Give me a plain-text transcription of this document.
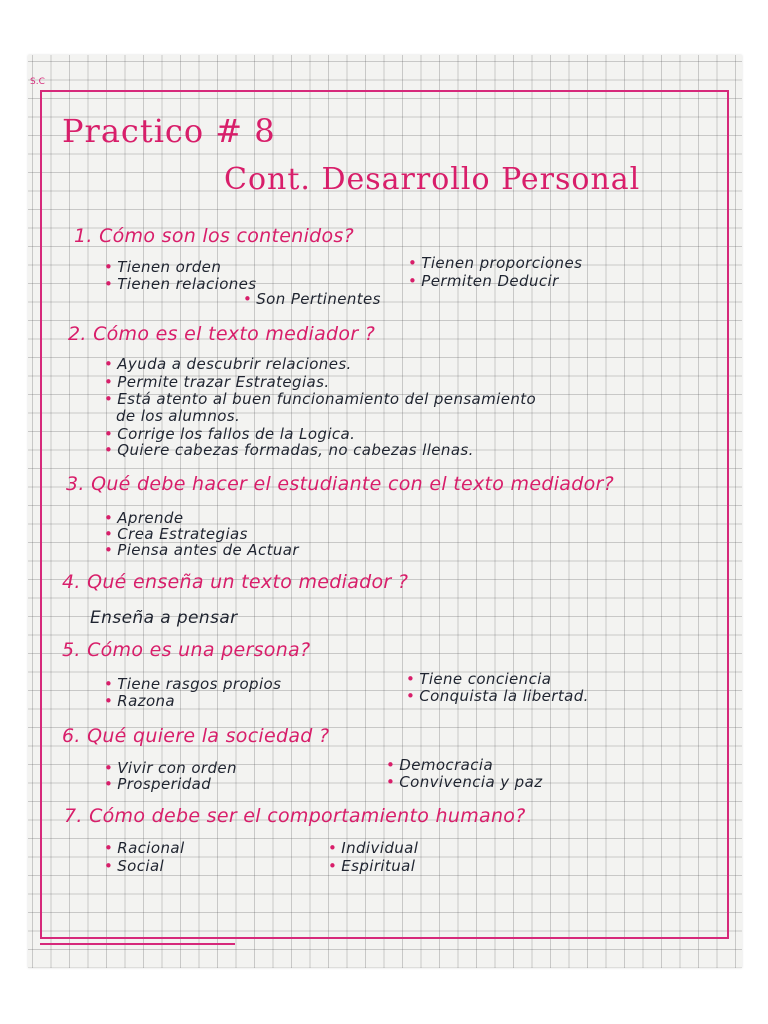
S.C
Practico # 8
Cont. Desarrollo Personal
1. Cómo son los contenidos?
• Tienen orden
• Tienen relaciones
• Son Pertinentes
• Tienen proporciones
• Permiten Deducir
2. Cómo es el texto mediador ?
• Ayuda a descubrir relaciones.
• Permite trazar Estrategias.
• Está atento al buen funcionamiento del pensamiento
de los alumnos.
• Corrige los fallos de la Logica.
• Quiere cabezas formadas, no cabezas llenas.
3. Qué debe hacer el estudiante con el texto mediador?
• Aprende
• Crea Estrategias
• Piensa antes de Actuar
4. Qué enseña un texto mediador ?
Enseña a pensar
5. Cómo es una persona?
• Tiene rasgos propios
• Razona
• Tiene conciencia
• Conquista la libertad.
6. Qué quiere la sociedad ?
• Vivir con orden
• Prosperidad
• Democracia
• Convivencia y paz
7. Cómo debe ser el comportamiento humano?
• Racional
• Social
• Individual
• Espiritual
